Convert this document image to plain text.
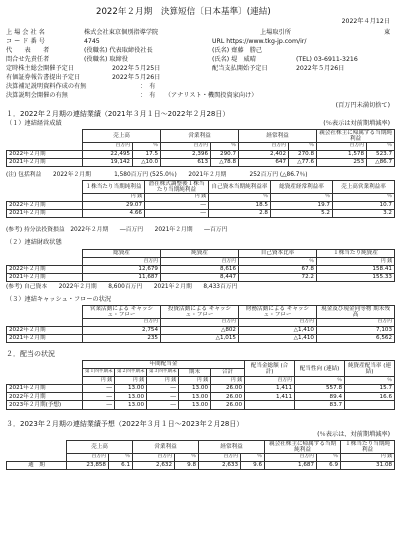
2022年２月期　決算短信〔日本基準〕(連結)
2022年４月12日
上 場 会 社 名	株式会社東京個別指導学院	上場取引所	東
コ ー ド 番 号	4745	URL https://www.tkg-jp.com/ir/
代　　表　　者	(役職名) 代表取締役社長	(氏名) 齋藤　勝己
問合せ先責任者	(役職名) 取締役	(氏名) 堤　威晴	(TEL) 03-6911-3216
定時株主総会開催予定日	2022年５月25日	配当支払開始予定日	2022年５月26日
有価証券報告書提出予定日	2022年５月26日
決算補足説明資料作成の有無	：　有
決算説明会開催の有無	：　有　　（アナリスト・機関投資家向け）
(百万円未満切捨て)
１．2022年２月期の連結業績（2021年３月１日～2022年２月28日）
（１）連結経営成績	(％表示は対前期増減率)
	売上高		営業利益		経常利益		親会社株主に帰属する当期純利益	
	百万円	％	百万円	％	百万円	％	百万円	％
2022年２月期	22,495	17.5	2,396	290.7	2,402	270.8	1,578	523.7
2021年２月期	19,142	△10.0	613	△78.8	647	△77.6	253	△86.7
(注) 包括利益　　2022年２月期　　　　1,580百万円 (525.0％)　　2021年２月期　　　　252百万円 (△86.7％)
	１株当たり当期純利益	潜在株式調整後１株当たり当期純利益	自己資本当期純利益率	総資産経常利益率	売上高営業利益率
	円 銭	円 銭	％	％	％
2022年２月期	29.07	―	18.5	19.7	10.7
2021年２月期	4.66	―	2.8	5.2	3.2
(参考) 持分法投資損益　2022年２月期　　―百万円　　2021年２月期　　―百万円
（２）連結財政状態
	総資産	純資産	自己資本比率	１株当たり純資産
	百万円	百万円	％	円 銭
2022年２月期	12,679	8,616	67.8	158.41
2021年２月期	11,687	8,447	72.2	155.33
(参考) 自己資本　　2022年２月期　　8,600百万円　　2021年２月期　　8,433百万円
（３）連結キャッシュ・フローの状況
	営業活動による キャッシュ・フロー	投資活動による キャッシュ・フロー	財務活動による キャッシュ・フロー	現金及び現金同等物 期末残高
	百万円	百万円	百万円	百万円
2022年２月期	2,754	△802	△1,410	7,103
2021年２月期	235	△1,015	△1,410	6,562
２．配当の状況
	年間配当金					配当金総額 (合計)	配当性向 (連結)	純資産配当率 (連結)
	第１四半期末	第２四半期末	第３四半期末	期末	合計			
	円 銭	円 銭	円 銭	円 銭	円 銭	百万円	％	％
2021年２月期	―	13.00	―	13.00	26.00	1,411	557.8	15.7
2022年２月期	―	13.00	―	13.00	26.00	1,411	89.4	16.6
2023年２月期(予想)	―	13.00	―	13.00	26.00		83.7	
３．2023年２月期の連結業績予想（2022年３月１日～2023年２月28日）
(％表示は、対前期増減率)
	売上高		営業利益		経常利益		親会社株主に帰属する当期純利益		１株当たり当期純利益
	百万円	％	百万円	％	百万円	％	百万円	％	円 銭
通　期	23,858	6.1	2,632	9.8	2,633	9.6	1,687	6.9	31.08
